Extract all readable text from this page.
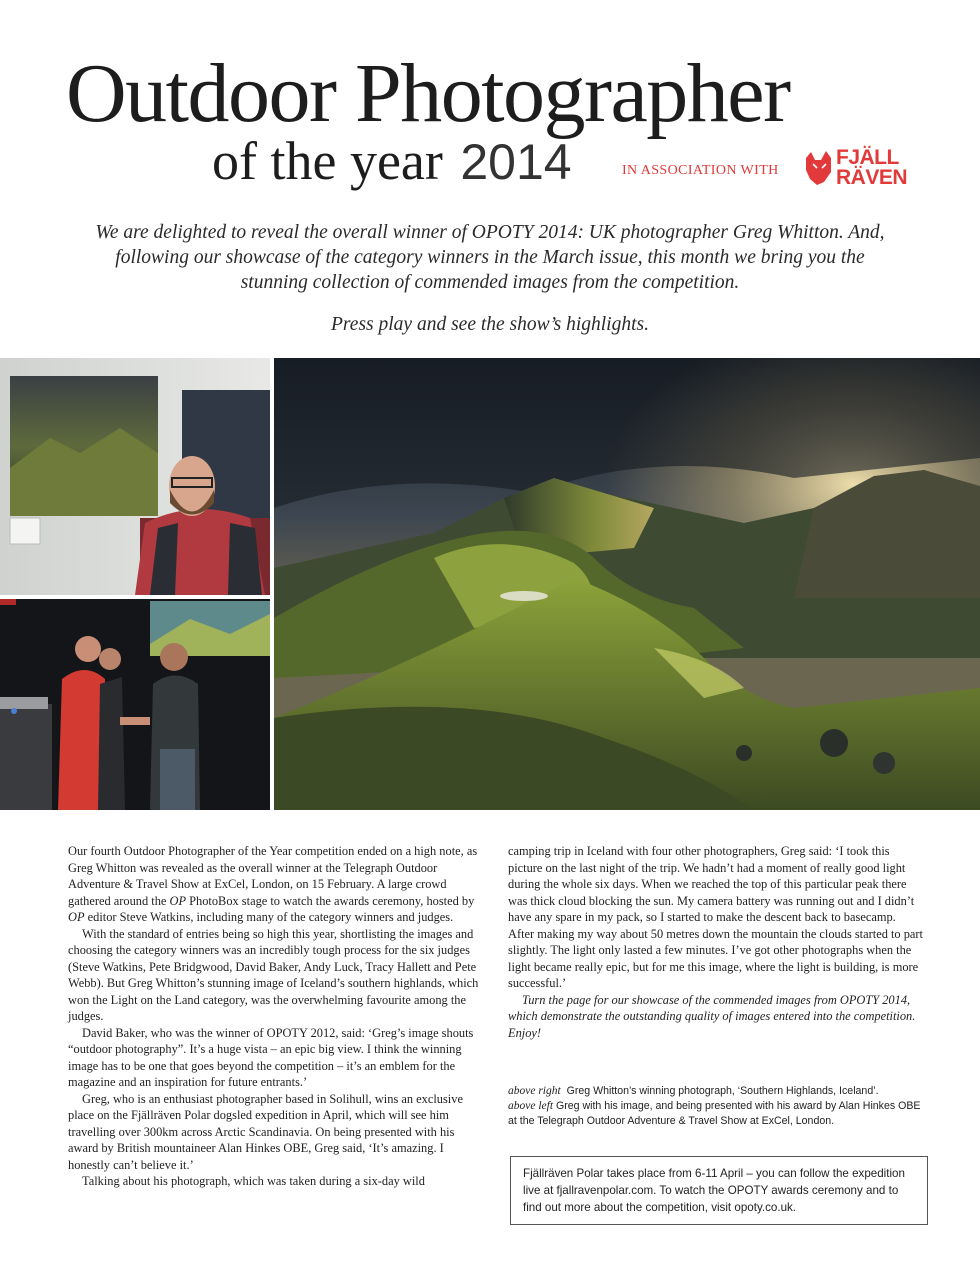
Outdoor Photographer
of the year 2014	IN ASSOCIATION WITH
FJÄLL
RÄVEN

We are delighted to reveal the overall winner of OPOTY 2014: UK photographer Greg Whitton. And, following our showcase of the category winners in the March issue, this month we bring you the stunning collection of commended images from the competition.

Press play and see the show’s highlights.

Our fourth Outdoor Photographer of the Year competition ended on a high note, as Greg Whitton was revealed as the overall winner at the Telegraph Outdoor Adventure & Travel Show at ExCel, London, on 15 February. A large crowd gathered around the OP PhotoBox stage to watch the awards ceremony, hosted by OP editor Steve Watkins, including many of the category winners and judges.

With the standard of entries being so high this year, shortlisting the images and choosing the category winners was an incredibly tough process for the six judges (Steve Watkins, Pete Bridgwood, David Baker, Andy Luck, Tracy Hallett and Pete Webb). But Greg Whitton’s stunning image of Iceland’s southern highlands, which won the Light on the Land category, was the overwhelming favourite among the judges.

David Baker, who was the winner of OPOTY 2012, said: ‘Greg’s image shouts “outdoor photography”. It’s a huge vista – an epic big view. I think the winning image has to be one that goes beyond the competition – it’s an emblem for the magazine and an inspiration for future entrants.’

Greg, who is an enthusiast photographer based in Solihull, wins an exclusive place on the Fjällräven Polar dogsled expedition in April, which will see him travelling over 300km across Arctic Scandinavia. On being presented with his award by British mountaineer Alan Hinkes OBE, Greg said, ‘It’s amazing. I honestly can’t believe it.’

Talking about his photograph, which was taken during a six-day wild

camping trip in Iceland with four other photographers, Greg said: ‘I took this picture on the last night of the trip. We hadn’t had a moment of really good light during the whole six days. When we reached the top of this particular peak there was thick cloud blocking the sun. My camera battery was running out and I didn’t have any spare in my pack, so I started to make the descent back to basecamp. After making my way about 50 metres down the mountain the clouds started to part slightly. The light only lasted a few minutes. I’ve got other photographs when the light became really epic, but for me this image, where the light is building, is more successful.’

Turn the page for our showcase of the commended images from OPOTY 2014, which demonstrate the outstanding quality of images entered into the competition. Enjoy!

above right Greg Whitton’s winning photograph, ‘Southern Highlands, Iceland’.

above left Greg with his image, and being presented with his award by Alan Hinkes OBE at the Telegraph Outdoor Adventure & Travel Show at ExCel, London.

Fjällräven Polar takes place from 6-11 April – you can follow the expedition live at fjallravenpolar.com. To watch the OPOTY awards ceremony and to find out more about the competition, visit opoty.co.uk.
